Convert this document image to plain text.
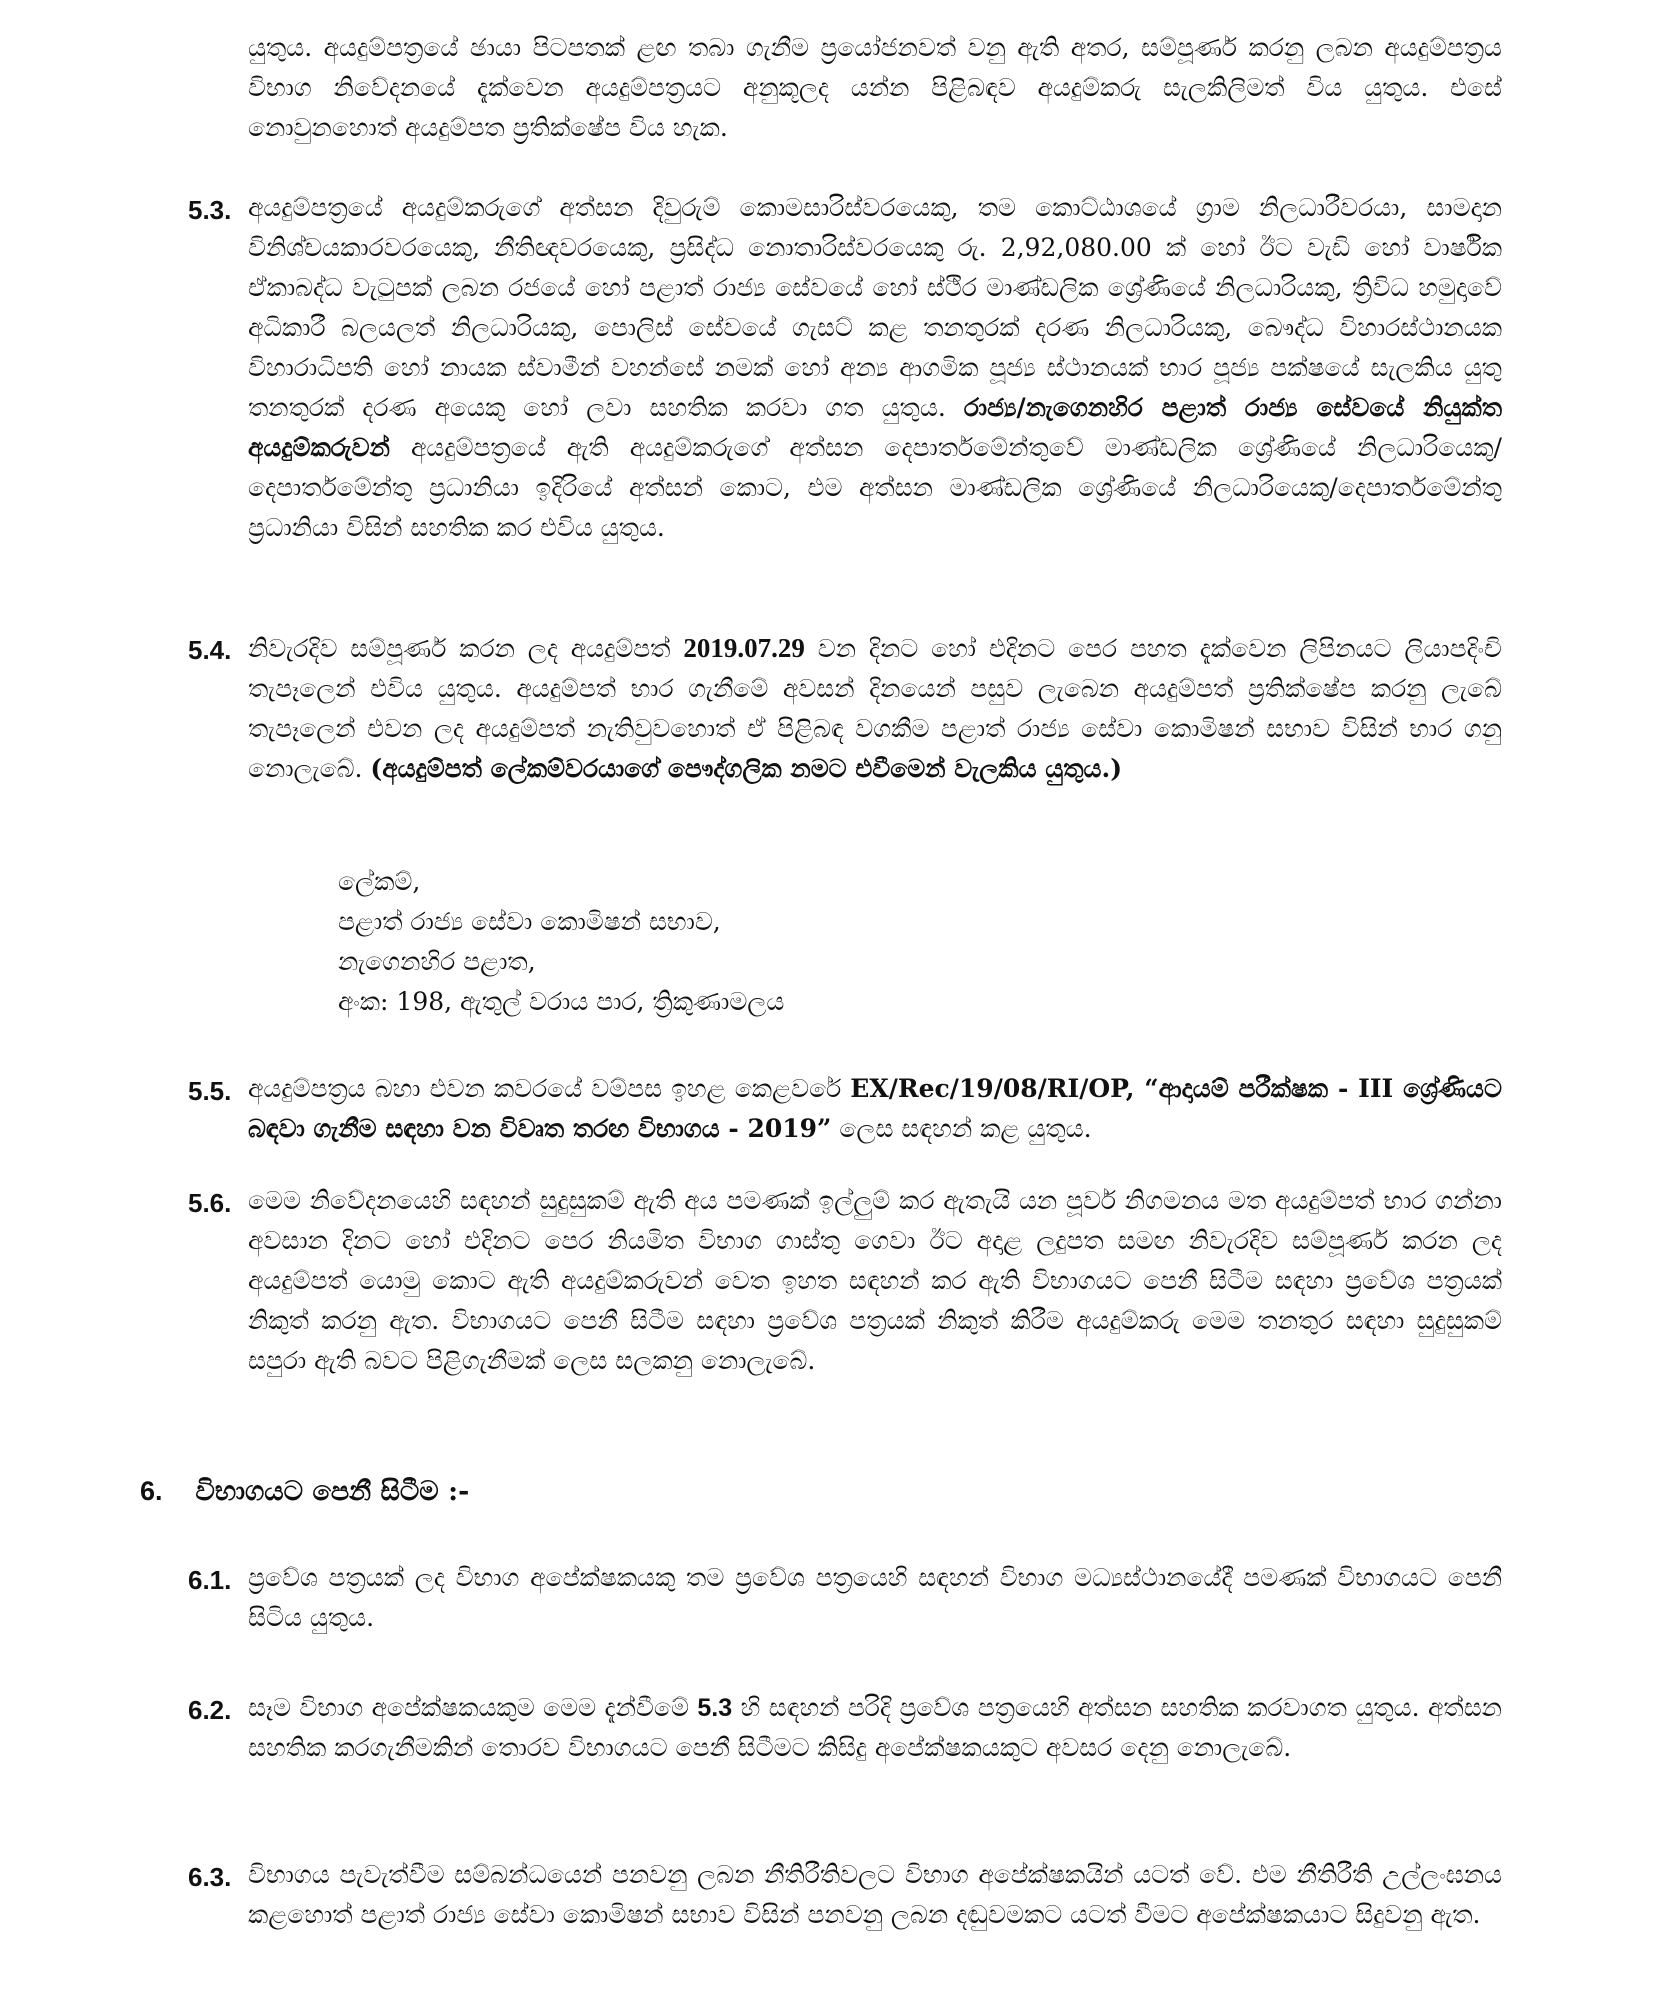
යුතුය. අයදුම්පත්‍රයේ ඡායා පිටපතක් ළඟ තබා ගැනීම ප්‍රයෝජනවත් වනු ඇති අතර, සම්පූර්ණ කරනු ලබන අයදුම්පත්‍රය විභාග නිවේදනයේ දැක්වෙන අයදුම්පත්‍රයට අනුකූලද යන්න පිළිබඳව අයදුම්කරු සැලකිලිමත් විය යුතුය. එසේ නොවුනහොත් අයදුම්පත ප්‍රතික්ෂේප විය හැක.
5.3. අයදුම්පත්‍රයේ අයදුම්කරුගේ අත්සන දිවුරුම් කොමසාරිස්වරයෙකු, තම කොට්ඨාශයේ ග්‍රාම නිලධාරීවරයා, සාමදාන විනිශ්චයකාරවරයෙකු, නීතිඥවරයෙකු, ප්‍රසිද්ධ නොතාරිස්වරයෙකු රු. 2,92,080.00 ක් හෝ ඊට වැඩි හෝ වාර්ෂික ඒකාබද්ධ වැටුපක් ලබන රජයේ හෝ පළාත් රාජ්‍ය සේවයේ හෝ ස්ථිර මාණ්ඩලික ශ්‍රේණියේ නිලධාරියකු, ත්‍රිවිධ හමුදාවේ අධිකාරී බලයලත් නිලධාරියකු, පොලිස් සේවයේ ගැසට් කළ තනතුරක් දරණ නිලධාරියකු, බෞද්ධ විහාරස්ථානයක විහාරාධිපති හෝ නායක ස්වාමීන් වහන්සේ නමක් හෝ අන්‍ය ආගමික පූජ්‍ය ස්ථානයක් භාර පූජ්‍ය පක්ෂයේ සැලකිය යුතු තනතුරක් දරණ අයෙකු හෝ ලවා සහතික කරවා ගත යුතුය. රාජ්‍ය/නැගෙනහිර පළාත් රාජ්‍ය සේවයේ නියුක්ත අයදුම්කරුවන් අයදුම්පත්‍රයේ ඇති අයදුම්කරුගේ අත්සන දෙපාර්තමේන්තුවේ මාණ්ඩලික ශ්‍රේණියේ නිලධාරියෙකු/දෙපාර්තමේන්තු ප්‍රධානියා ඉදිරියේ අත්සන් කොට, එම අත්සන මාණ්ඩලික ශ්‍රේණියේ නිලධාරියෙකු/දෙපාර්තමේන්තු ප්‍රධානියා විසින් සහතික කර එවිය යුතුය.
5.4. නිවැරදිව සම්පූර්ණ කරන ලද අයදුම්පත් 2019.07.29 වන දිනට හෝ එදිනට පෙර පහත දැක්වෙන ලිපිනයට ලියාපදිංචි තැපෑලෙන් එවිය යුතුය. අයදුම්පත් භාර ගැනීමේ අවසන් දිනයෙන් පසුව ලැබෙන අයදුම්පත් ප්‍රතික්ෂේප කරනු ලැබේ තැපෑලෙන් එවන ලද අයදුම්පත් නැතිවුවහොත් ඒ පිළිබඳ වගකීම පළාත් රාජ්‍ය සේවා කොමිෂන් සභාව විසින් භාර ගනු නොලැබේ. (අයදුම්පත් ලේකම්වරයාගේ පෞද්ගලික නමට එවීමෙන් වැලකිය යුතුය.)
ලේකම්,
පළාත් රාජ්‍ය සේවා කොමිෂන් සභාව,
නැගෙනහිර පළාත,
අංක: 198, ඇතුල් වරාය පාර, ත්‍රිකුණාමලය
5.5. අයදුම්පත්‍රය බහා එවන කවරයේ වම්පස ඉහළ කෙළවරේ EX/Rec/19/08/RI/OP, “ආදායම් පරීක්ෂක - III ශ්‍රේණියට බඳවා ගැනීම සඳහා වන විවෘත තරඟ විභාගය - 2019” ලෙස සඳහන් කළ යුතුය.
5.6. මෙම නිවේදනයෙහි සඳහන් සුදුසුකම් ඇති අය පමණක් ඉල්ලුම් කර ඇතැයි යන පූර්ව නිගමනය මත අයදුම්පත් භාර ගන්නා අවසාන දිනට හෝ එදිනට පෙර නියමිත විභාග ගාස්තු ගෙවා ඊට අදාළ ලදුපත සමඟ නිවැරදිව සම්පූර්ණ කරන ලද අයදුම්පත් යොමු කොට ඇති අයදුම්කරුවන් වෙත ඉහත සඳහන් කර ඇති විභාගයට පෙනී සිටීම සඳහා ප්‍රවේශ පත්‍රයක් නිකුත් කරනු ඇත. විභාගයට පෙනී සිටීම සඳහා ප්‍රවේශ පත්‍රයක් නිකුත් කිරීම අයදුම්කරු මෙම තනතුර සඳහා සුදුසුකම් සපුරා ඇති බවට පිළිගැනීමක් ලෙස සලකනු නොලැබේ.
6. විභාගයට පෙනී සිටීම :-
6.1. ප්‍රවේශ පත්‍රයක් ලද විභාග අපේක්ෂකයකු තම ප්‍රවේශ පත්‍රයෙහි සඳහන් විභාග මධ්‍යස්ථානයේදී පමණක් විභාගයට පෙනී සිටිය යුතුය.
6.2. සෑම විභාග අපේක්ෂකයකුම මෙම දැන්වීමේ 5.3 හි සඳහන් පරිදි ප්‍රවේශ පත්‍රයෙහි අත්සන සහතික කරවාගත යුතුය. අත්සන සහතික කරගැනීමකින් තොරව විභාගයට පෙනී සිටීමට කිසිදු අපේක්ෂකයකුට අවසර දෙනු නොලැබේ.
6.3. විභාගය පැවැත්වීම සම්බන්ධයෙන් පනවනු ලබන නීතිරීතිවලට විභාග අපේක්ෂකයින් යටත් වේ. එම නීතිරීති උල්ලංඝනය කළහොත් පළාත් රාජ්‍ය සේවා කොමිෂන් සභාව විසින් පනවනු ලබන දඬුවමකට යටත් වීමට අපේක්ෂකයාට සිදුවනු ඇත.
